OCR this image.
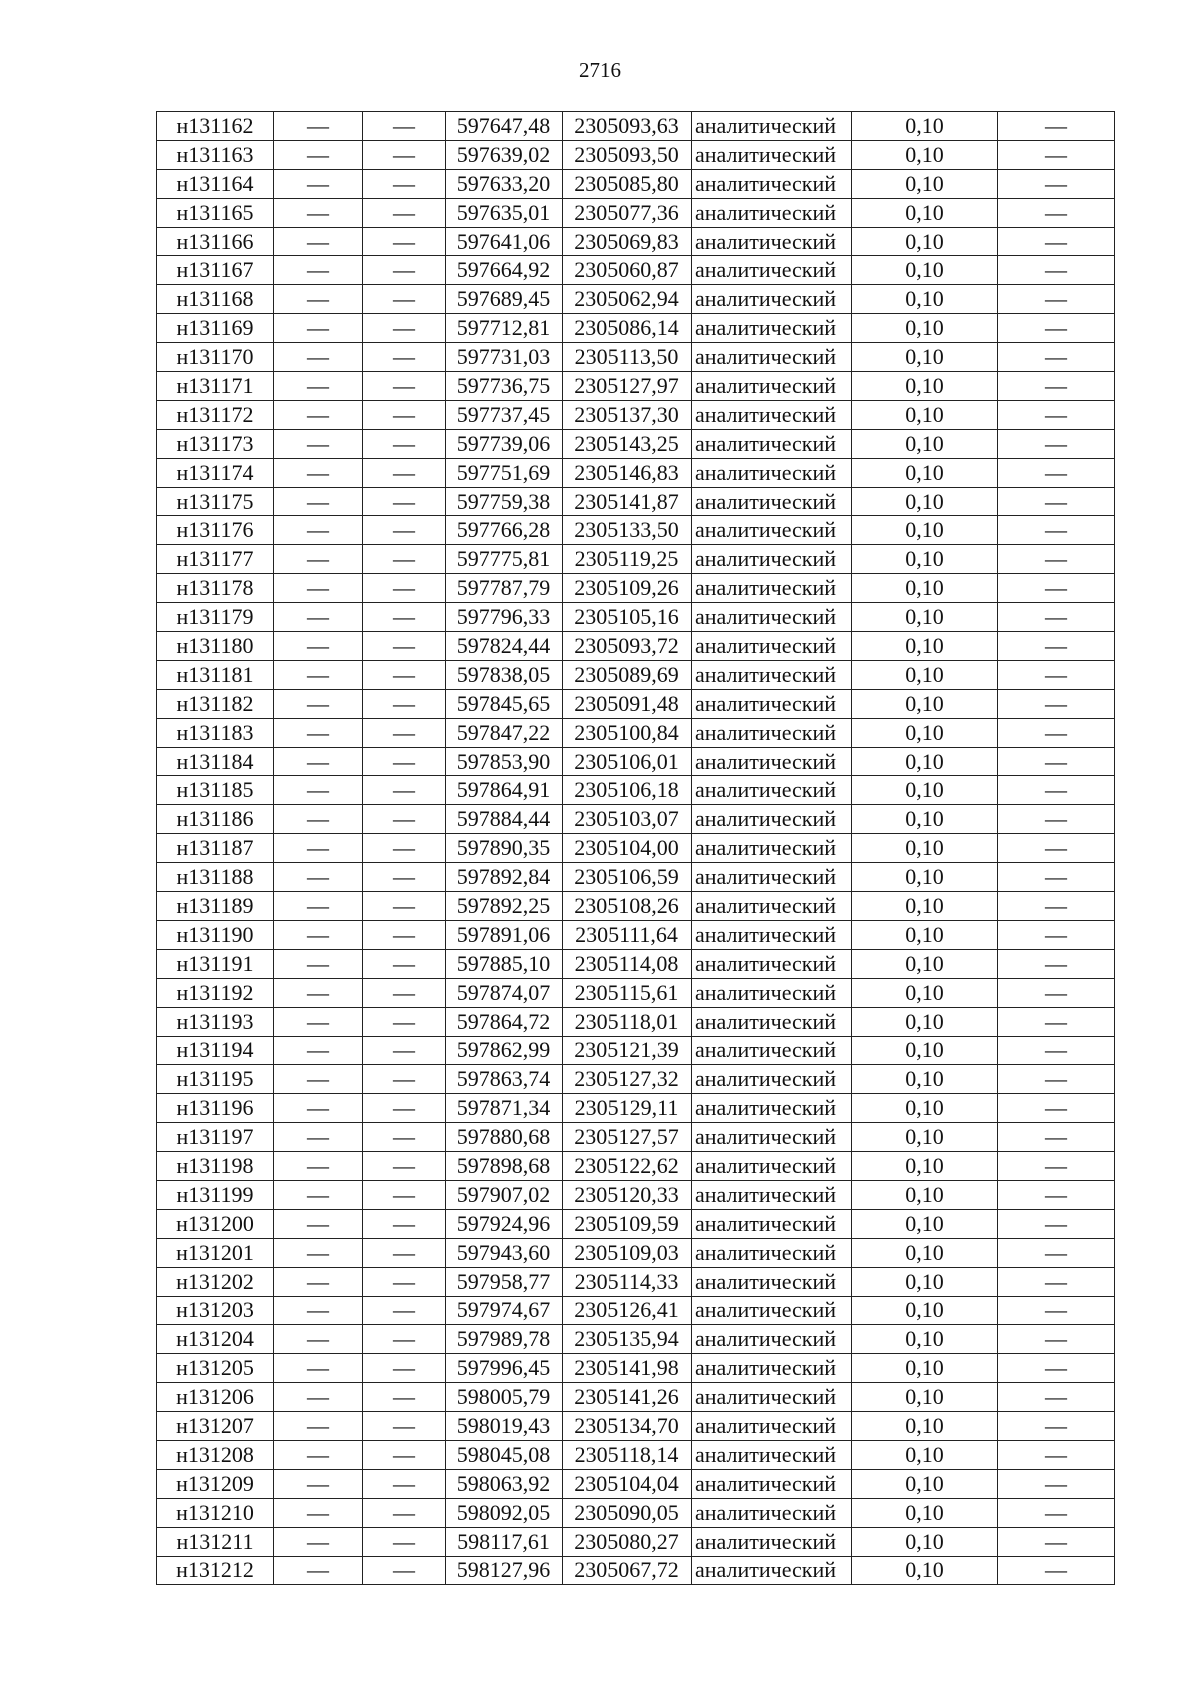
2716
н131162	—	—	597647,48	2305093,63	аналитический	0,10	—
н131163	—	—	597639,02	2305093,50	аналитический	0,10	—
н131164	—	—	597633,20	2305085,80	аналитический	0,10	—
н131165	—	—	597635,01	2305077,36	аналитический	0,10	—
н131166	—	—	597641,06	2305069,83	аналитический	0,10	—
н131167	—	—	597664,92	2305060,87	аналитический	0,10	—
н131168	—	—	597689,45	2305062,94	аналитический	0,10	—
н131169	—	—	597712,81	2305086,14	аналитический	0,10	—
н131170	—	—	597731,03	2305113,50	аналитический	0,10	—
н131171	—	—	597736,75	2305127,97	аналитический	0,10	—
н131172	—	—	597737,45	2305137,30	аналитический	0,10	—
н131173	—	—	597739,06	2305143,25	аналитический	0,10	—
н131174	—	—	597751,69	2305146,83	аналитический	0,10	—
н131175	—	—	597759,38	2305141,87	аналитический	0,10	—
н131176	—	—	597766,28	2305133,50	аналитический	0,10	—
н131177	—	—	597775,81	2305119,25	аналитический	0,10	—
н131178	—	—	597787,79	2305109,26	аналитический	0,10	—
н131179	—	—	597796,33	2305105,16	аналитический	0,10	—
н131180	—	—	597824,44	2305093,72	аналитический	0,10	—
н131181	—	—	597838,05	2305089,69	аналитический	0,10	—
н131182	—	—	597845,65	2305091,48	аналитический	0,10	—
н131183	—	—	597847,22	2305100,84	аналитический	0,10	—
н131184	—	—	597853,90	2305106,01	аналитический	0,10	—
н131185	—	—	597864,91	2305106,18	аналитический	0,10	—
н131186	—	—	597884,44	2305103,07	аналитический	0,10	—
н131187	—	—	597890,35	2305104,00	аналитический	0,10	—
н131188	—	—	597892,84	2305106,59	аналитический	0,10	—
н131189	—	—	597892,25	2305108,26	аналитический	0,10	—
н131190	—	—	597891,06	2305111,64	аналитический	0,10	—
н131191	—	—	597885,10	2305114,08	аналитический	0,10	—
н131192	—	—	597874,07	2305115,61	аналитический	0,10	—
н131193	—	—	597864,72	2305118,01	аналитический	0,10	—
н131194	—	—	597862,99	2305121,39	аналитический	0,10	—
н131195	—	—	597863,74	2305127,32	аналитический	0,10	—
н131196	—	—	597871,34	2305129,11	аналитический	0,10	—
н131197	—	—	597880,68	2305127,57	аналитический	0,10	—
н131198	—	—	597898,68	2305122,62	аналитический	0,10	—
н131199	—	—	597907,02	2305120,33	аналитический	0,10	—
н131200	—	—	597924,96	2305109,59	аналитический	0,10	—
н131201	—	—	597943,60	2305109,03	аналитический	0,10	—
н131202	—	—	597958,77	2305114,33	аналитический	0,10	—
н131203	—	—	597974,67	2305126,41	аналитический	0,10	—
н131204	—	—	597989,78	2305135,94	аналитический	0,10	—
н131205	—	—	597996,45	2305141,98	аналитический	0,10	—
н131206	—	—	598005,79	2305141,26	аналитический	0,10	—
н131207	—	—	598019,43	2305134,70	аналитический	0,10	—
н131208	—	—	598045,08	2305118,14	аналитический	0,10	—
н131209	—	—	598063,92	2305104,04	аналитический	0,10	—
н131210	—	—	598092,05	2305090,05	аналитический	0,10	—
н131211	—	—	598117,61	2305080,27	аналитический	0,10	—
н131212	—	—	598127,96	2305067,72	аналитический	0,10	—
